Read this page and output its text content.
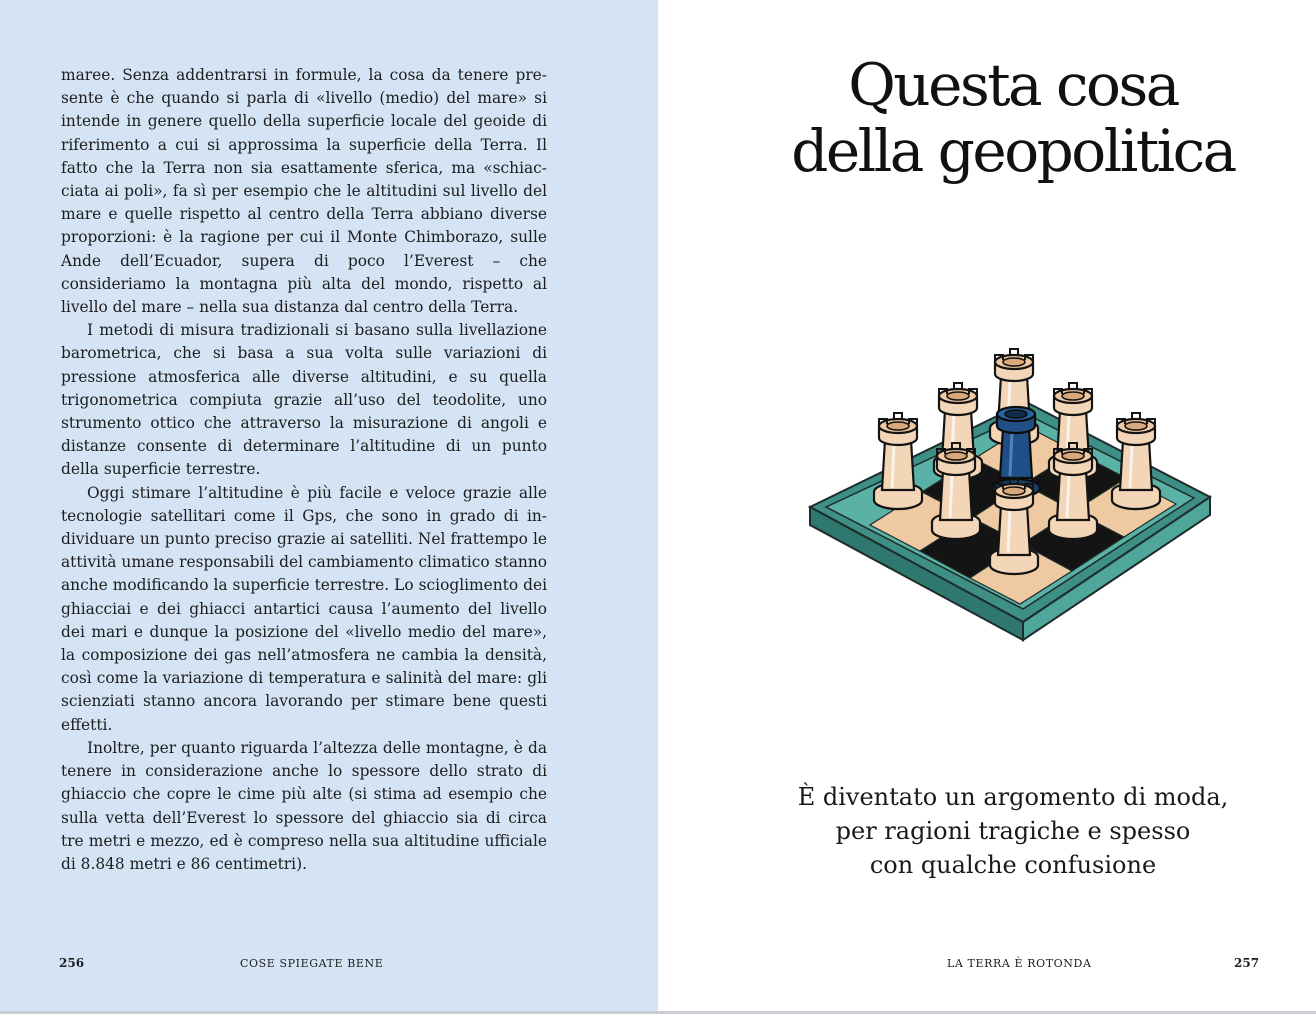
maree. Senza addentrarsi in formule, la cosa da tenere presente è che quando si parla di «livello (medio) del mare» si intende in genere quello della superficie locale del geoide di riferimento a cui si approssima la superficie della Terra. Il fatto che la Terra non sia esattamente sferica, ma «schiacciata ai poli», fa sì per esempio che le altitudini sul livello del mare e quelle rispetto al centro della Terra abbiano diverse proporzioni: è la ragione per cui il Monte Chimborazo, sulle Ande dell’Ecuador, supera di poco l’Everest – che consideriamo la montagna più alta del mondo, rispetto al livello del mare – nella sua distanza dal centro della Terra.

I metodi di misura tradizionali si basano sulla livellazione barometrica, che si basa a sua volta sulle variazioni di pressione atmosferica alle diverse altitudini, e su quella trigonometrica compiuta grazie all’uso del teodolite, uno strumento ottico che attraverso la misurazione di angoli e distanze consente di determinare l’altitudine di un punto della superficie terrestre.

Oggi stimare l’altitudine è più facile e veloce grazie alle tecnologie satellitari come il Gps, che sono in grado di individuare un punto preciso grazie ai satelliti. Nel frattempo le attività umane responsabili del cambiamento climatico stanno anche modificando la superficie terrestre. Lo scioglimento dei ghiacciai e dei ghiacci antartici causa l’aumento del livello dei mari e dunque la posizione del «livello medio del mare», la composizione dei gas nell’atmosfera ne cambia la densità, così come la variazione di temperatura e salinità del mare: gli scienziati stanno ancora lavorando per stimare bene questi effetti.

Inoltre, per quanto riguarda l’altezza delle montagne, è da tenere in considerazione anche lo spessore dello strato di ghiaccio che copre le cime più alte (si stima ad esempio che sulla vetta dell’Everest lo spessore del ghiaccio sia di circa tre metri e mezzo, ed è compreso nella sua altitudine ufficiale di 8.848 metri e 86 centimetri).

256	COSE SPIEGATE BENE
Questa cosa
della geopolitica
È diventato un argomento di moda,
per ragioni tragiche e spesso
con qualche confusione
LA TERRA È ROTONDA	257
